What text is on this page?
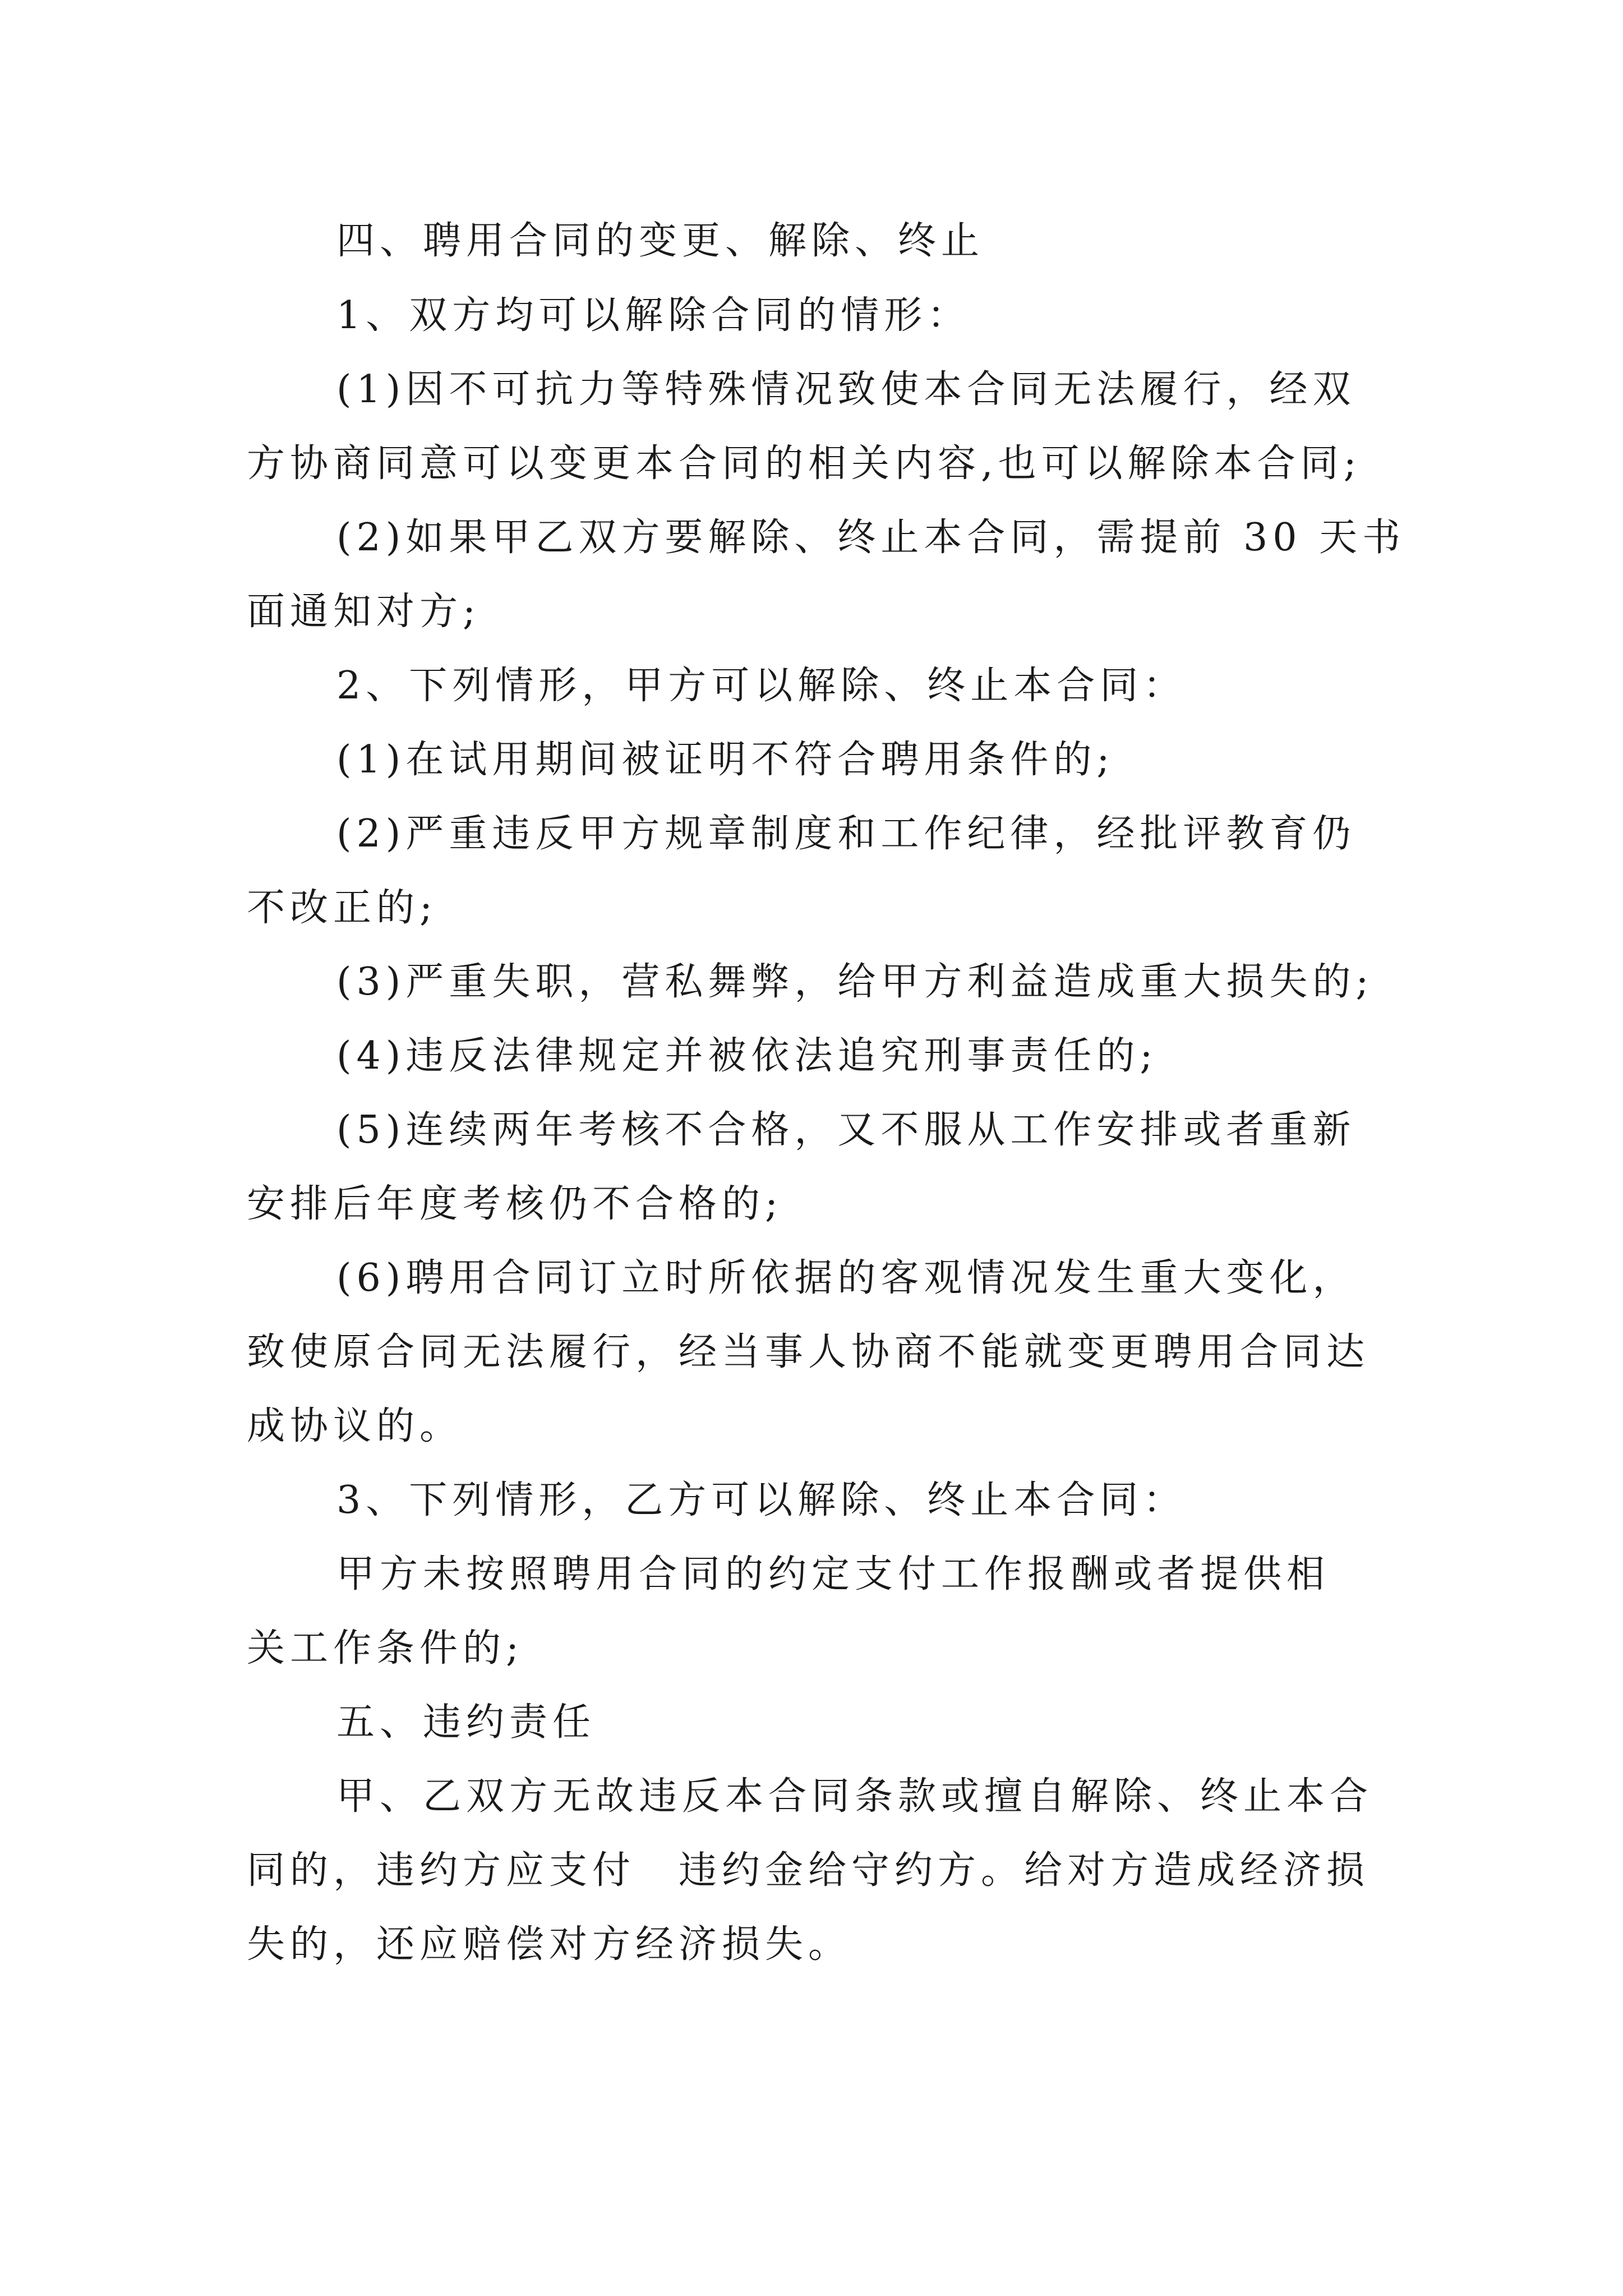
四、聘用合同的变更、解除、终止
1、双方均可以解除合同的情形：
(1)因不可抗力等特殊情况致使本合同无法履行，经双
方协商同意可以变更本合同的相关内容,也可以解除本合同;
(2)如果甲乙双方要解除、终止本合同，需提前 30 天书
面通知对方;
2、下列情形，甲方可以解除、终止本合同：
(1)在试用期间被证明不符合聘用条件的;
(2)严重违反甲方规章制度和工作纪律，经批评教育仍
不改正的;
(3)严重失职，营私舞弊，给甲方利益造成重大损失的;
(4)违反法律规定并被依法追究刑事责任的;
(5)连续两年考核不合格，又不服从工作安排或者重新
安排后年度考核仍不合格的;
(6)聘用合同订立时所依据的客观情况发生重大变化，
致使原合同无法履行，经当事人协商不能就变更聘用合同达
成协议的。
3、下列情形，乙方可以解除、终止本合同：
甲方未按照聘用合同的约定支付工作报酬或者提供相
关工作条件的;
五、违约责任
甲、乙双方无故违反本合同条款或擅自解除、终止本合
同的，违约方应支付　违约金给守约方。给对方造成经济损
失的，还应赔偿对方经济损失。
